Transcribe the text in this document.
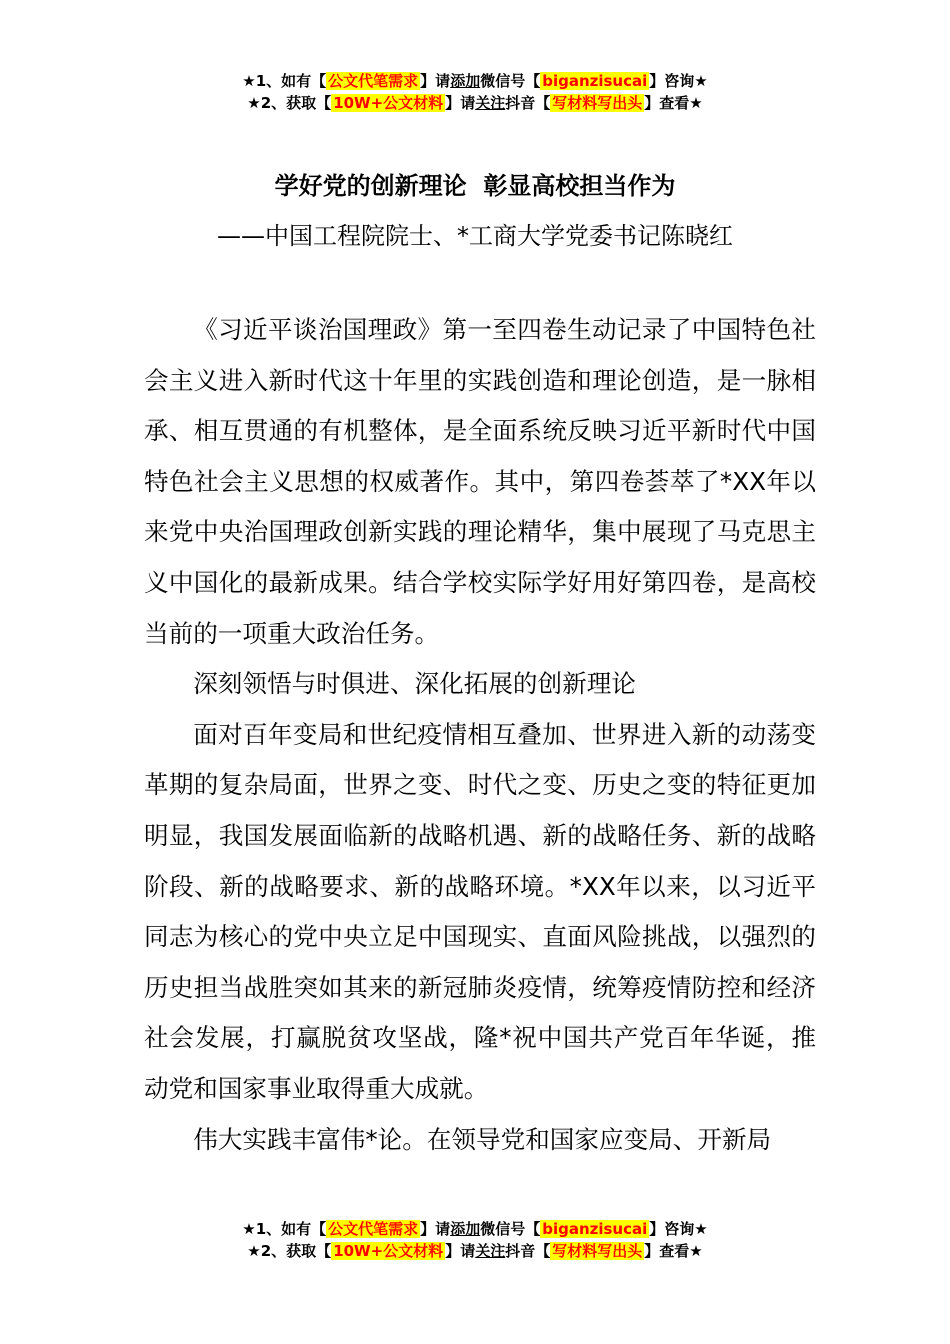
★1、如有【 公文代笔需求 】请添加微信号【 biganzisucai 】咨询★
★2、获取【 10W+公文材料 】请关注抖音【 写材料写出头 】查看★
学好党的创新理论  彰显高校担当作为
——中国工程院院士、*工商大学党委书记陈晓红

《习近平谈治国理政》第一至四卷生动记录了中国特色社会主义进入新时代这十年里的实践创造和理论创造，是一脉相承、相互贯通的有机整体，是全面系统反映习近平新时代中国特色社会主义思想的权威著作。其中，第四卷荟萃了*XX年以来党中央治国理政创新实践的理论精华，集中展现了马克思主义中国化的最新成果。结合学校实际学好用好第四卷，是高校当前的一项重大政治任务。

深刻领悟与时俱进、深化拓展的创新理论

面对百年变局和世纪疫情相互叠加、世界进入新的动荡变革期的复杂局面，世界之变、时代之变、历史之变的特征更加明显，我国发展面临新的战略机遇、新的战略任务、新的战略阶段、新的战略要求、新的战略环境。*XX年以来，以习近平同志为核心的党中央立足中国现实、直面风险挑战，以强烈的历史担当战胜突如其来的新冠肺炎疫情，统筹疫情防控和经济社会发展，打赢脱贫攻坚战，隆*祝中国共产党百年华诞，推动党和国家事业取得重大成就。

伟大实践丰富伟*论。在领导党和国家应变局、开新局

★1、如有【 公文代笔需求 】请添加微信号【 biganzisucai 】咨询★
★2、获取【 10W+公文材料 】请关注抖音【 写材料写出头 】查看★
